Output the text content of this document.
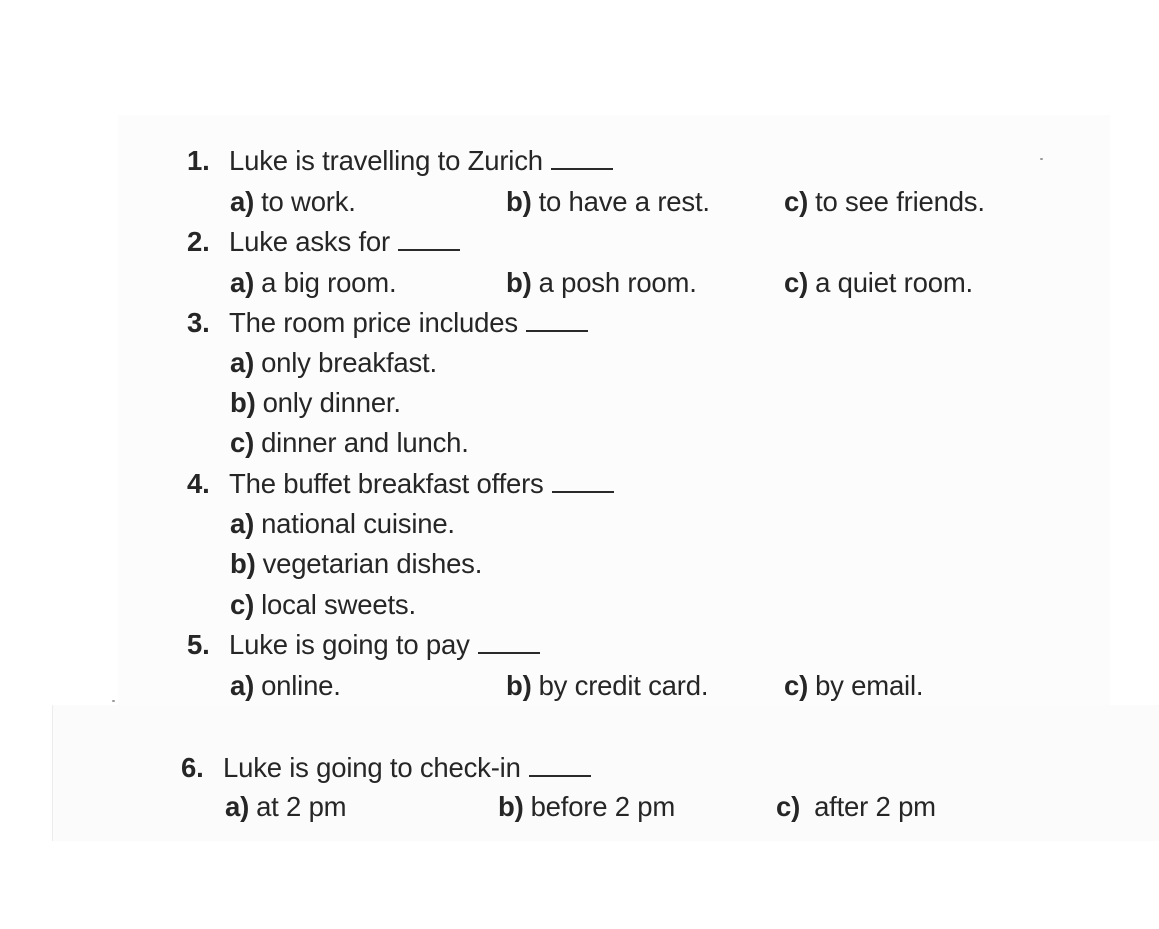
1. Luke is travelling to Zurich
a) to work.	b) to have a rest.	c) to see friends.
2. Luke asks for
a) a big room.	b) a posh room.	c) a quiet room.
3. The room price includes
a) only breakfast.
b) only dinner.
c) dinner and lunch.
4. The buffet breakfast offers
a) national cuisine.
b) vegetarian dishes.
c) local sweets.
5. Luke is going to pay
a) online.	b) by credit card.	c) by email.
6. Luke is going to check-in
a) at 2 pm	b) before 2 pm	c) after 2 pm
